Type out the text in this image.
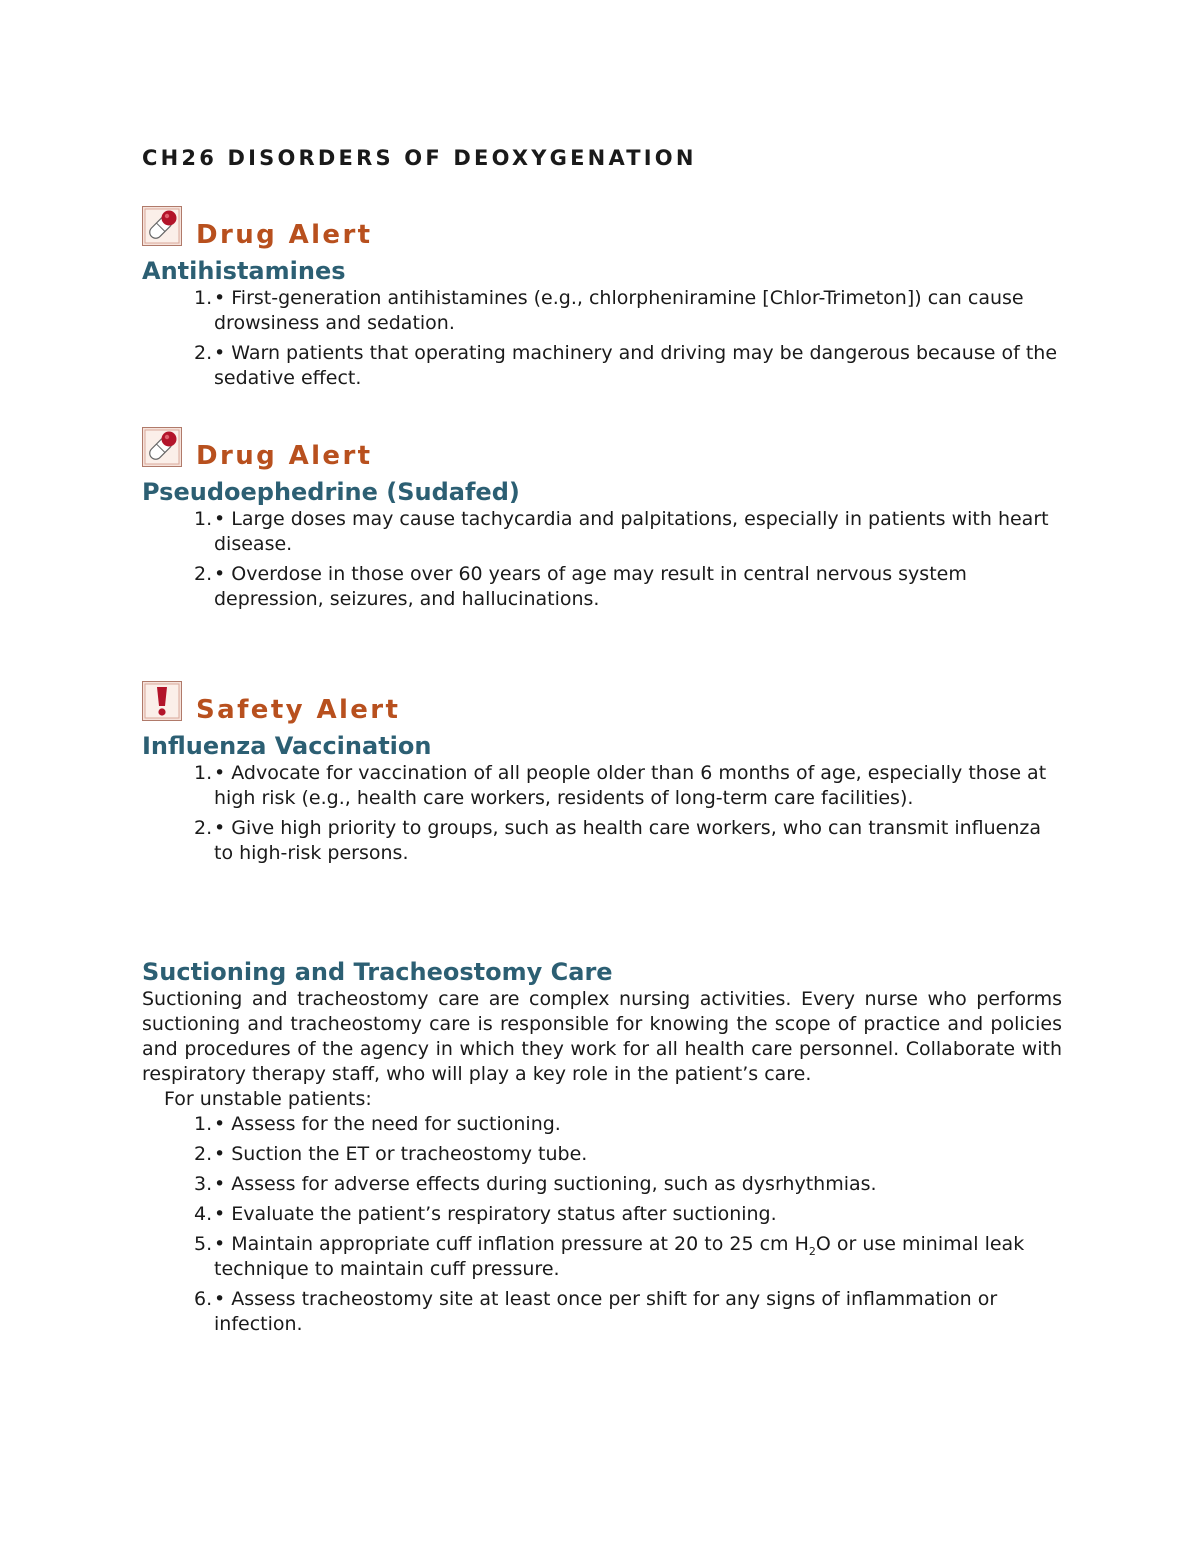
CH26 DISORDERS OF DEOXYGENATION
Drug Alert
Antihistamines
1. • First-generation antihistamines (e.g., chlorpheniramine [Chlor-Trimeton]) can cause drowsiness and sedation.
2. • Warn patients that operating machinery and driving may be dangerous because of the sedative effect.
Drug Alert
Pseudoephedrine (Sudafed)
1. • Large doses may cause tachycardia and palpitations, especially in patients with heart disease.
2. • Overdose in those over 60 years of age may result in central nervous system depression, seizures, and hallucinations.
Safety Alert
Influenza Vaccination
1. • Advocate for vaccination of all people older than 6 months of age, especially those at high risk (e.g., health care workers, residents of long-term care facilities).
2. • Give high priority to groups, such as health care workers, who can transmit influenza to high-risk persons.
Suctioning and Tracheostomy Care

Suctioning and tracheostomy care are complex nursing activities. Every nurse who performs suctioning and tracheostomy care is responsible for knowing the scope of practice and policies and procedures of the agency in which they work for all health care personnel. Collaborate with respiratory therapy staff, who will play a key role in the patient’s care.

For unstable patients:

1. • Assess for the need for suctioning.
2. • Suction the ET or tracheostomy tube.
3. • Assess for adverse effects during suctioning, such as dysrhythmias.
4. • Evaluate the patient’s respiratory status after suctioning.
5. • Maintain appropriate cuff inflation pressure at 20 to 25 cm $H_2O$ or use minimal leak technique to maintain cuff pressure.
6. • Assess tracheostomy site at least once per shift for any signs of inflammation or infection.
